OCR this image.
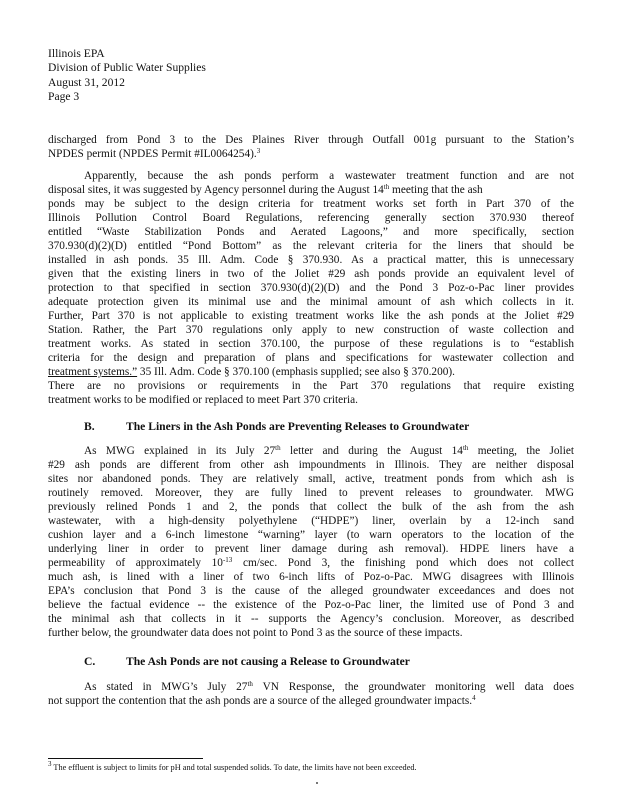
Illinois EPA
Division of Public Water Supplies
August 31, 2012
Page 3
discharged from Pond 3 to the Des Plaines River through Outfall 001g pursuant to the Station’s
NPDES permit (NPDES Permit #IL0064254).$^3$
Apparently, because the ash ponds perform a wastewater treatment function and are not
disposal sites, it was suggested by Agency personnel during the August 14th meeting that the ash
ponds may be subject to the design criteria for treatment works set forth in Part 370 of the
Illinois Pollution Control Board Regulations, referencing generally section 370.930 thereof
entitled “Waste Stabilization Ponds and Aerated Lagoons,” and more specifically, section
370.930(d)(2)(D) entitled “Pond Bottom” as the relevant criteria for the liners that should be
installed in ash ponds. 35 Ill. Adm. Code § 370.930. As a practical matter, this is unnecessary
given that the existing liners in two of the Joliet #29 ash ponds provide an equivalent level of
protection to that specified in section 370.930(d)(2)(D) and the Pond 3 Poz-o-Pac liner provides
adequate protection given its minimal use and the minimal amount of ash which collects in it.
Further, Part 370 is not applicable to existing treatment works like the ash ponds at the Joliet #29
Station. Rather, the Part 370 regulations only apply to new construction of waste collection and
treatment works. As stated in section 370.100, the purpose of these regulations is to “establish
criteria for the design and preparation of plans and specifications for wastewater collection and
treatment systems.” 35 Ill. Adm. Code § 370.100 (emphasis supplied; see also § 370.200).
There are no provisions or requirements in the Part 370 regulations that require existing
treatment works to be modified or replaced to meet Part 370 criteria.
B.	The Liners in the Ash Ponds are Preventing Releases to Groundwater
As MWG explained in its July 27th letter and during the August 14th meeting, the Joliet
#29 ash ponds are different from other ash impoundments in Illinois. They are neither disposal
sites nor abandoned ponds. They are relatively small, active, treatment ponds from which ash is
routinely removed. Moreover, they are fully lined to prevent releases to groundwater. MWG
previously relined Ponds 1 and 2, the ponds that collect the bulk of the ash from the ash
wastewater, with a high-density polyethylene (“HDPE”) liner, overlain by a 12-inch sand
cushion layer and a 6-inch limestone “warning” layer (to warn operators to the location of the
underlying liner in order to prevent liner damage during ash removal). HDPE liners have a
permeability of approximately $10^{-13}$ cm/sec. Pond 3, the finishing pond which does not collect
much ash, is lined with a liner of two 6-inch lifts of Poz-o-Pac. MWG disagrees with Illinois
EPA’s conclusion that Pond 3 is the cause of the alleged groundwater exceedances and does not
believe the factual evidence -- the existence of the Poz-o-Pac liner, the limited use of Pond 3 and
the minimal ash that collects in it -- supports the Agency’s conclusion. Moreover, as described
further below, the groundwater data does not point to Pond 3 as the source of these impacts.
C.	The Ash Ponds are not causing a Release to Groundwater
As stated in MWG’s July 27th VN Response, the groundwater monitoring well data does
not support the contention that the ash ponds are a source of the alleged groundwater impacts.$^4$
$^3$ The effluent is subject to limits for pH and total suspended solids. To date, the limits have not been exceeded.
